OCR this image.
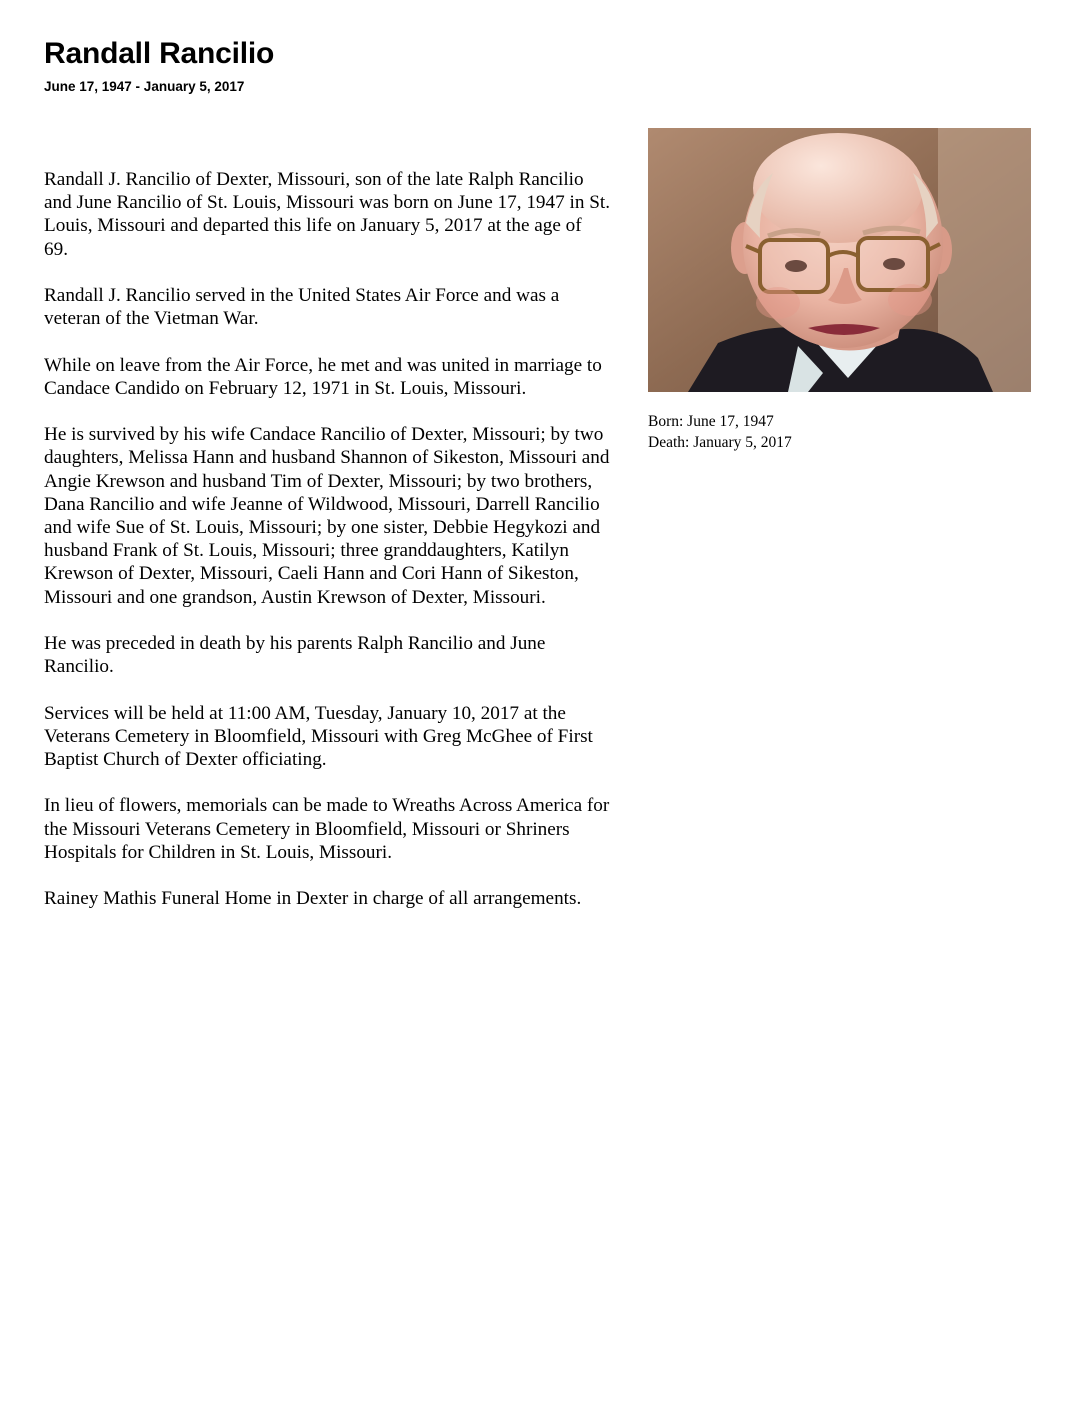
Randall Rancilio
June 17, 1947 - January 5, 2017

Randall J. Rancilio of Dexter, Missouri, son of the late Ralph Rancilio and June Rancilio of St. Louis, Missouri was born on June 17, 1947 in St. Louis, Missouri and departed this life on January 5, 2017 at the age of 69.

Randall J. Rancilio served in the United States Air Force and was a veteran of the Vietman War.

While on leave from the Air Force, he met and was united in marriage to Candace Candido on February 12, 1971 in St. Louis, Missouri.

He is survived by his wife Candace Rancilio of Dexter, Missouri; by two daughters, Melissa Hann and husband Shannon of Sikeston, Missouri and Angie Krewson and husband Tim of Dexter, Missouri; by two brothers, Dana Rancilio and wife Jeanne of Wildwood, Missouri, Darrell Rancilio and wife Sue of St. Louis, Missouri; by one sister, Debbie Hegykozi and husband Frank of St. Louis, Missouri; three granddaughters, Katilyn Krewson of Dexter, Missouri, Caeli Hann and Cori Hann of Sikeston, Missouri and one grandson, Austin Krewson of Dexter, Missouri.

He was preceded in death by his parents Ralph Rancilio and June Rancilio.

Services will be held at 11:00 AM, Tuesday, January 10, 2017 at the Veterans Cemetery in Bloomfield, Missouri with Greg McGhee of First Baptist Church of Dexter officiating.

In lieu of flowers, memorials can be made to Wreaths Across America for the Missouri Veterans Cemetery in Bloomfield, Missouri or Shriners Hospitals for Children in St. Louis, Missouri.

Rainey Mathis Funeral Home in Dexter in charge of all arrangements.

Born: June 17, 1947
Death: January 5, 2017
